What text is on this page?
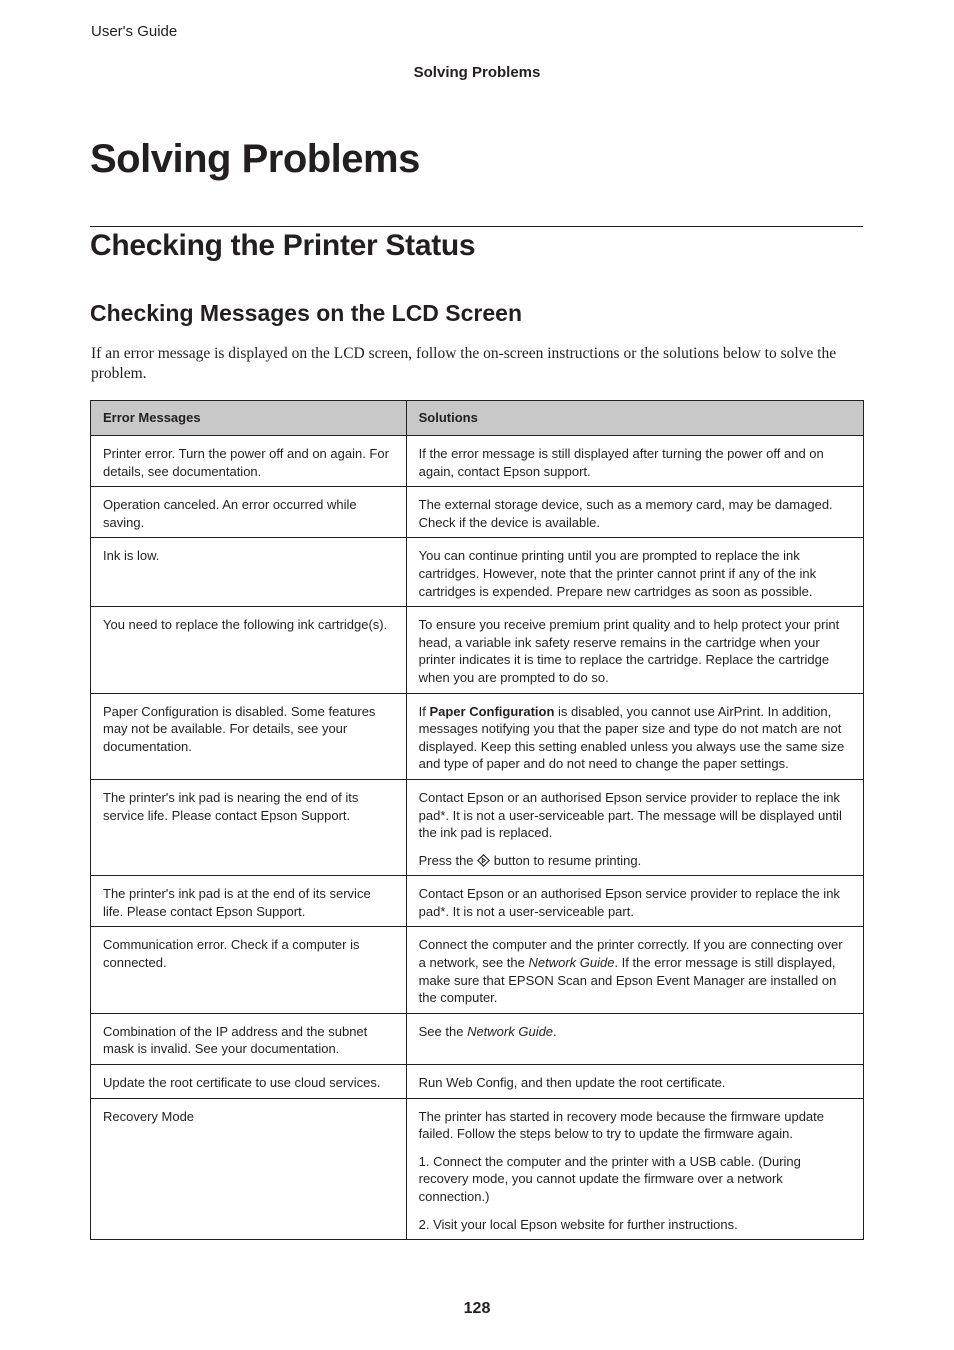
User's Guide
Solving Problems
Solving Problems
Checking the Printer Status
Checking Messages on the LCD Screen

If an error message is displayed on the LCD screen, follow the on-screen instructions or the solutions below to solve the problem.

Error Messages	Solutions

Printer error. Turn the power off and on again. For details, see documentation.	If the error message is still displayed after turning the power off and on again, contact Epson support.

Operation canceled. An error occurred while saving.	The external storage device, such as a memory card, may be damaged. Check if the device is available.

Ink is low.	You can continue printing until you are prompted to replace the ink cartridges. However, note that the printer cannot print if any of the ink cartridges is expended. Prepare new cartridges as soon as possible.

You need to replace the following ink cartridge(s).	To ensure you receive premium print quality and to help protect your print head, a variable ink safety reserve remains in the cartridge when your printer indicates it is time to replace the cartridge. Replace the cartridge when you are prompted to do so.

Paper Configuration is disabled. Some features may not be available. For details, see your documentation.	If Paper Configuration is disabled, you cannot use AirPrint. In addition, messages notifying you that the paper size and type do not match are not displayed. Keep this setting enabled unless you always use the same size and type of paper and do not need to change the paper settings.

The printer's ink pad is nearing the end of its service life. Please contact Epson Support.	Contact Epson or an authorised Epson service provider to replace the ink pad*. It is not a user-serviceable part. The message will be displayed until the ink pad is replaced.

Press the  button to resume printing.

The printer's ink pad is at the end of its service life. Please contact Epson Support.	Contact Epson or an authorised Epson service provider to replace the ink pad*. It is not a user-serviceable part.

Communication error. Check if a computer is connected.	Connect the computer and the printer correctly. If you are connecting over a network, see the Network Guide. If the error message is still displayed, make sure that EPSON Scan and Epson Event Manager are installed on the computer.

Combination of the IP address and the subnet mask is invalid. See your documentation.	See the Network Guide.

Update the root certificate to use cloud services.	Run Web Config, and then update the root certificate.

Recovery Mode	The printer has started in recovery mode because the firmware update failed. Follow the steps below to try to update the firmware again.

1. Connect the computer and the printer with a USB cable. (During recovery mode, you cannot update the firmware over a network connection.)

2. Visit your local Epson website for further instructions.

128
